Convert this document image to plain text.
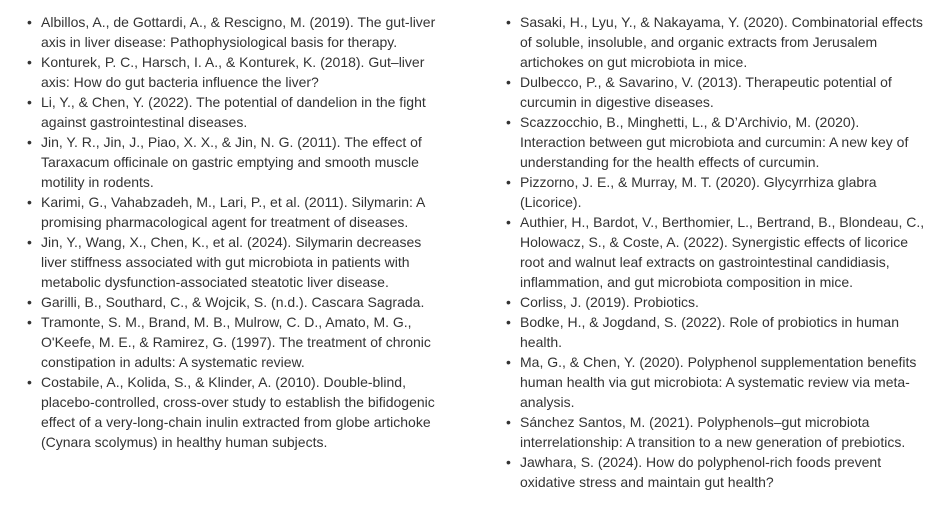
• Albillos, A., de Gottardi, A., & Rescigno, M. (2019). The gut-liver axis in liver disease: Pathophysiological basis for therapy.
• Konturek, P. C., Harsch, I. A., & Konturek, K. (2018). Gut–liver axis: How do gut bacteria influence the liver?
• Li, Y., & Chen, Y. (2022). The potential of dandelion in the fight against gastrointestinal diseases.
• Jin, Y. R., Jin, J., Piao, X. X., & Jin, N. G. (2011). The effect of Taraxacum officinale on gastric emptying and smooth muscle motility in rodents.
• Karimi, G., Vahabzadeh, M., Lari, P., et al. (2011). Silymarin: A promising pharmacological agent for treatment of diseases.
• Jin, Y., Wang, X., Chen, K., et al. (2024). Silymarin decreases liver stiffness associated with gut microbiota in patients with metabolic dysfunction-associated steatotic liver disease.
• Garilli, B., Southard, C., & Wojcik, S. (n.d.). Cascara Sagrada.
• Tramonte, S. M., Brand, M. B., Mulrow, C. D., Amato, M. G., O'Keefe, M. E., & Ramirez, G. (1997). The treatment of chronic constipation in adults: A systematic review.
• Costabile, A., Kolida, S., & Klinder, A. (2010). Double-blind, placebo-controlled, cross-over study to establish the bifidogenic effect of a very-long-chain inulin extracted from globe artichoke (Cynara scolymus) in healthy human subjects.
• Sasaki, H., Lyu, Y., & Nakayama, Y. (2020). Combinatorial effects of soluble, insoluble, and organic extracts from Jerusalem artichokes on gut microbiota in mice.
• Dulbecco, P., & Savarino, V. (2013). Therapeutic potential of curcumin in digestive diseases.
• Scazzocchio, B., Minghetti, L., & D’Archivio, M. (2020). Interaction between gut microbiota and curcumin: A new key of understanding for the health effects of curcumin.
• Pizzorno, J. E., & Murray, M. T. (2020). Glycyrrhiza glabra (Licorice).
• Authier, H., Bardot, V., Berthomier, L., Bertrand, B., Blondeau, C., Holowacz, S., & Coste, A. (2022). Synergistic effects of licorice root and walnut leaf extracts on gastrointestinal candidiasis, inflammation, and gut microbiota composition in mice.
• Corliss, J. (2019). Probiotics.
• Bodke, H., & Jogdand, S. (2022). Role of probiotics in human health.
• Ma, G., & Chen, Y. (2020). Polyphenol supplementation benefits human health via gut microbiota: A systematic review via meta-analysis.
• Sánchez Santos, M. (2021). Polyphenols–gut microbiota interrelationship: A transition to a new generation of prebiotics.
• Jawhara, S. (2024). How do polyphenol-rich foods prevent oxidative stress and maintain gut health?
